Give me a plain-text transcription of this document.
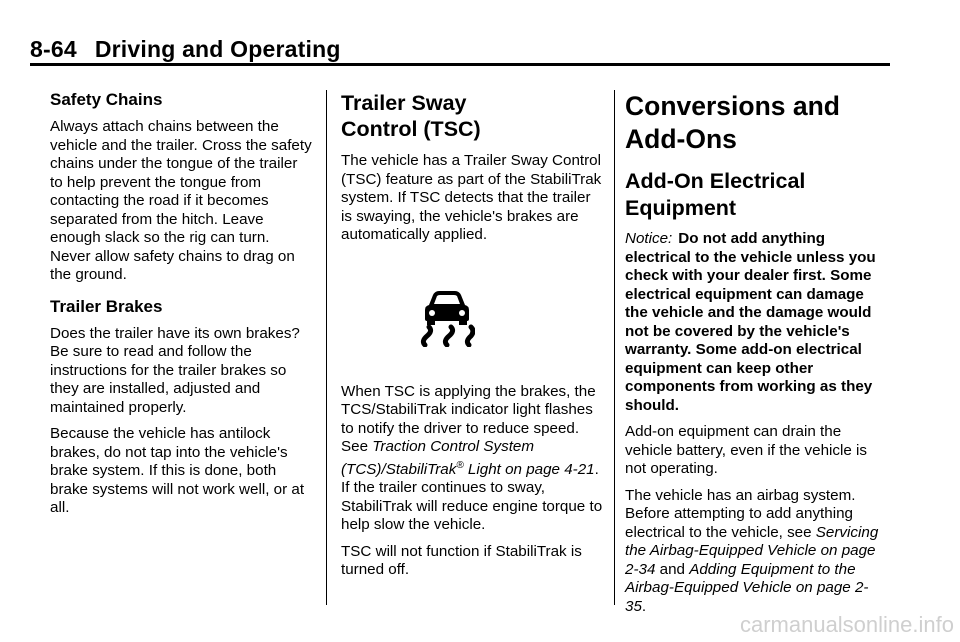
8-64 Driving and Operating
Safety Chains

Always attach chains between the vehicle and the trailer. Cross the safety chains under the tongue of the trailer to help prevent the tongue from contacting the road if it becomes separated from the hitch. Leave enough slack so the rig can turn. Never allow safety chains to drag on the ground.

Trailer Brakes

Does the trailer have its own brakes? Be sure to read and follow the instructions for the trailer brakes so they are installed, adjusted and maintained properly.

Because the vehicle has antilock brakes, do not tap into the vehicle's brake system. If this is done, both brake systems will not work well, or at all.

Trailer Sway
Control (TSC)

The vehicle has a Trailer Sway Control (TSC) feature as part of the StabiliTrak system. If TSC detects that the trailer is swaying, the vehicle's brakes are automatically applied.

When TSC is applying the brakes, the TCS/StabiliTrak indicator light flashes to notify the driver to reduce speed. See Traction Control System (TCS)/StabiliTrak® Light on page 4-21. If the trailer continues to sway, StabiliTrak will reduce engine torque to help slow the vehicle.

TSC will not function if StabiliTrak is turned off.

Conversions and
Add-Ons
Add-On Electrical
Equipment

Notice: Do not add anything electrical to the vehicle unless you check with your dealer first. Some electrical equipment can damage the vehicle and the damage would not be covered by the vehicle's warranty. Some add-on electrical equipment can keep other components from working as they should.

Add-on equipment can drain the vehicle battery, even if the vehicle is not operating.

The vehicle has an airbag system. Before attempting to add anything electrical to the vehicle, see Servicing the Airbag-Equipped Vehicle on page 2-34 and Adding Equipment to the Airbag-Equipped Vehicle on page 2-35.

carmanualsonline.info
